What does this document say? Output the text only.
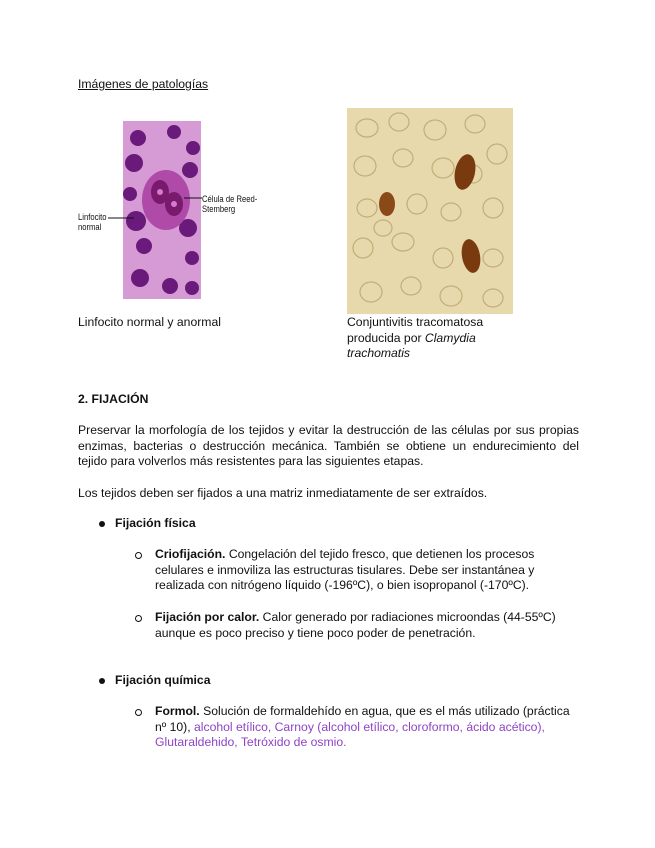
Imágenes de patologías
Célula de Reed-
Stemberg
Linfocito
normal
Linfocito normal y anormal	Conjuntivitis tracomatosa producida por Clamydia trachomatis
2. FIJACIÓN
Preservar la morfología de los tejidos y evitar la destrucción de las células por sus propias enzimas, bacterias o destrucción mecánica. También se obtiene un endurecimiento del tejido para volverlos más resistentes para las siguientes etapas.
Los tejidos deben ser fijados a una matriz inmediatamente de ser extraídos.
Fijación física
Criofijación. Congelación del tejido fresco, que detienen los procesos celulares e inmoviliza las estructuras tisulares. Debe ser instantánea y realizada con nitrógeno líquido (-196ºC), o bien isopropanol (-170ºC).
Fijación por calor. Calor generado por radiaciones microondas (44-55ºC) aunque es poco preciso y tiene poco poder de penetración.
Fijación química
Formol. Solución de formaldehído en agua, que es el más utilizado (práctica nº 10), alcohol etílico, Carnoy (alcohol etílico, cloroformo, ácido acético), Glutaraldehido, Tetróxido de osmio.
